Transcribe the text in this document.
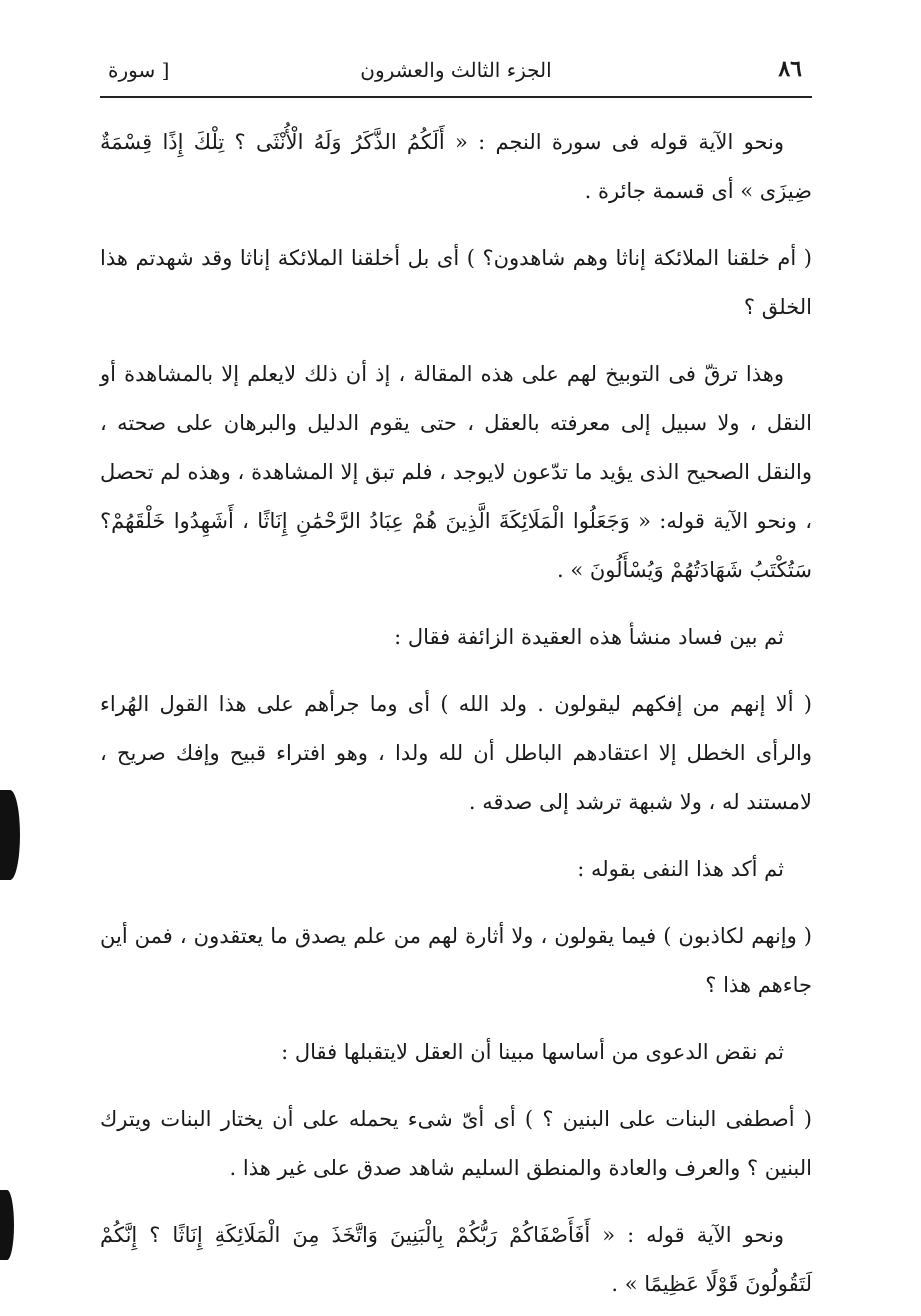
٨٦
الجزء الثالث والعشرون
[ سورة

ونحو الآية قوله فى سورة النجم : « أَلَكُمُ الذَّكَرُ وَلَهُ الْأُنْثَى ؟ تِلْكَ إِذًا قِسْمَةٌ ضِيزَى » أى قسمة جائرة .

( أم خلقنا الملائكة إناثا وهم شاهدون؟ ) أى بل أخلقنا الملائكة إناثا وقد شهدتم هذا الخلق ؟

وهذا ترقّ فى التوبيخ لهم على هذه المقالة ، إذ أن ذلك لايعلم إلا بالمشاهدة أو النقل ، ولا سبيل إلى معرفته بالعقل ، حتى يقوم الدليل والبرهان على صحته ، والنقل الصحيح الذى يؤيد ما تدّعون لايوجد ، فلم تبق إلا المشاهدة ، وهذه لم تحصل ، ونحو الآية قوله: « وَجَعَلُوا الْمَلَائِكَةَ الَّذِينَ هُمْ عِبَادُ الرَّحْمَٰنِ إِنَاثًا ، أَشَهِدُوا خَلْقَهُمْ؟ سَتُكْتَبُ شَهَادَتُهُمْ وَيُسْأَلُونَ » .

ثم بين فساد منشأ هذه العقيدة الزائفة فقال :

( ألا إنهم من إفكهم ليقولون . ولد الله ) أى وما جرأهم على هذا القول الهُراء والرأى الخطل إلا اعتقادهم الباطل أن لله ولدا ، وهو افتراء قبيح وإفك صريح ، لامستند له ، ولا شبهة ترشد إلى صدقه .

ثم أكد هذا النفى بقوله :

( وإنهم لكاذبون ) فيما يقولون ، ولا أثارة لهم من علم يصدق ما يعتقدون ، فمن أين جاءهم هذا ؟

ثم نقض الدعوى من أساسها مبينا أن العقل لايتقبلها فقال :

( أصطفى البنات على البنين ؟ ) أى أىّ شىء يحمله على أن يختار البنات ويترك البنين ؟ والعرف والعادة والمنطق السليم شاهد صدق على غير هذا .

ونحو الآية قوله : « أَفَأَصْفَاكُمْ رَبُّكُمْ بِالْبَنِينَ وَاتَّخَذَ مِنَ الْمَلَائِكَةِ إِنَاثًا ؟ إِنَّكُمْ لَتَقُولُونَ قَوْلًا عَظِيمًا » .
